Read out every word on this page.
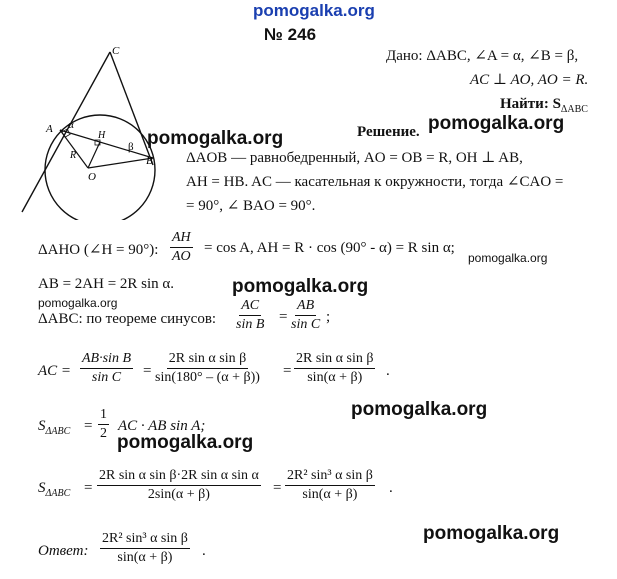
pomogalka.org
№ 246
Дано: ΔABC, ∠A = α, ∠B = β,
AC ⊥ AO, AO = R.
Найти: $S_{\Delta ABC}$
C
A α
H
β
B
R
O
pomogalka.org
pomogalka.org
Решение.
ΔAOB — равнобедренный, AO = OB = R, OH ⊥ AB,
AH = HB. AC — касательная к окружности, тогда ∠CAO =
= 90°, ∠ BAO = 90°.
ΔAHO (∠H = 90°): $\frac{AH}{AO} = \cos A$, AH = R · cos (90° - α) = R sin α;
pomogalka.org
AB = 2AH = 2R sin α.	pomogalka.org
pomogalka.org
ΔABC: по теореме синусов: $\frac{AC}{\text{sin B}} = \frac{AB}{\text{sin C}}$ ;
AC = $\frac{\text{AB·sin B}}{\text{sin C}} = \frac{\text{2R sin α sin β}}{\sin(180^\circ - (\alpha + \beta))} = \frac{\text{2R sin α sin β}}{\sin(\alpha + \beta)}$ .
pomogalka.org
$S_{\Delta ABC} = \frac{1}{2}$ AC · AB sin A;
pomogalka.org
$S_{\Delta ABC} = \frac{\text{2R sin α sin β·2R sin α sin α}}{2\sin(\alpha + \beta)} = \frac{\text{2R² sin³ α sin β}}{\sin(\alpha + \beta)}$ .
Ответ: $\frac{\text{2R² sin³ α sin β}}{\sin(\alpha + \beta)}$ .
pomogalka.org
